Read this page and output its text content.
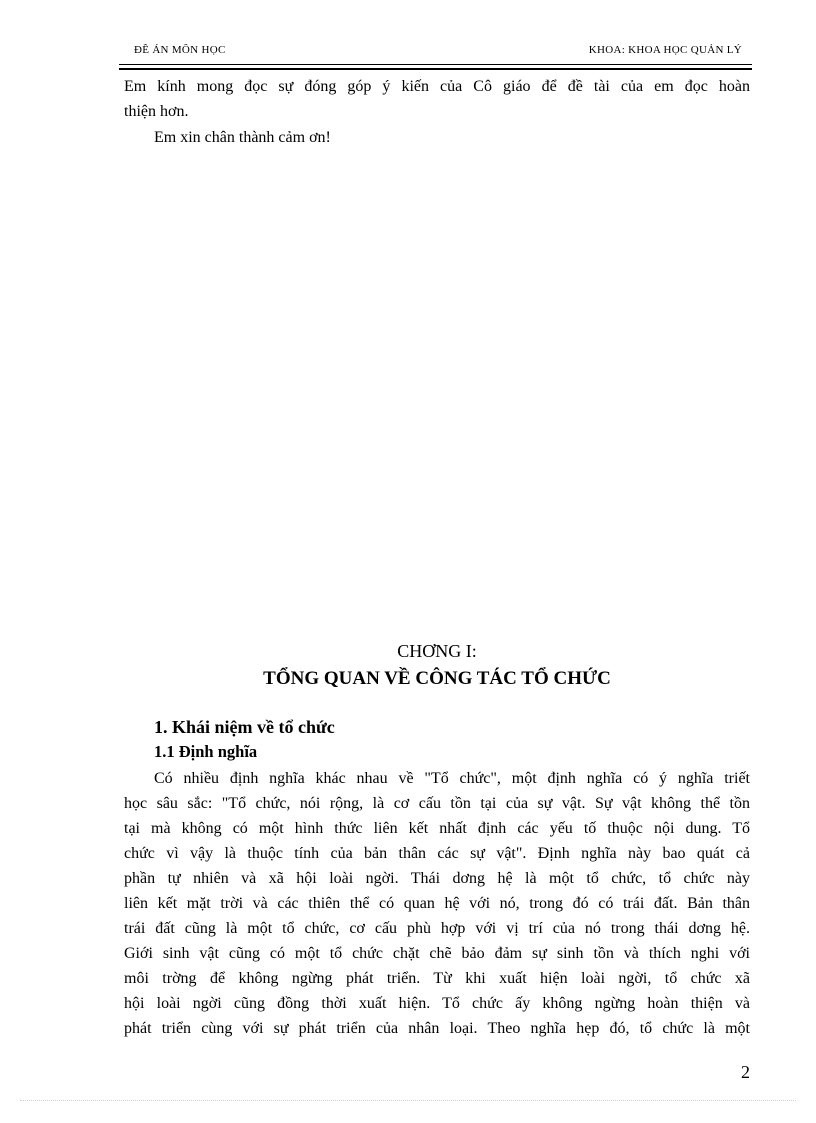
ĐỀ ÁN MÔN HỌC	KHOA: KHOA HỌC QUẢN LÝ
Em kính mong đọc sự đóng góp ý kiến của Cô giáo để đề tài của em đọc hoàn
thiện hơn.
Em xin chân thành cảm ơn!
CHƠNG I:
TỔNG QUAN VỀ CÔNG TÁC TỔ CHỨC
1. Khái niệm về tổ chức
1.1 Định nghĩa
Có nhiều định nghĩa khác nhau về "Tổ chức", một định nghĩa có ý nghĩa triết
học sâu sắc: "Tổ chức, nói rộng, là cơ cấu tồn tại của sự vật. Sự vật không thể tồn
tại mà không có một hình thức liên kết nhất định các yếu tố thuộc nội dung. Tổ
chức vì vậy là thuộc tính của bản thân các sự vật". Định nghĩa này bao quát cả
phần tự nhiên và xã hội loài ngời. Thái dơng hệ là một tổ chức, tổ chức này
liên kết mặt trời và các thiên thể có quan hệ với nó, trong đó có trái đất. Bản thân
trái đất cũng là một tổ chức, cơ cấu phù hợp với vị trí của nó trong thái dơng hệ.
Giới sinh vật cũng có một tổ chức chặt chẽ bảo đảm sự sinh tồn và thích nghi với
môi trờng để không ngừng phát triển. Từ khi xuất hiện loài ngời, tổ chức xã
hội loài ngời cũng đồng thời xuất hiện. Tổ chức ấy không ngừng hoàn thiện và
phát triển cùng với sự phát triển của nhân loại. Theo nghĩa hẹp đó, tổ chức là một
2
